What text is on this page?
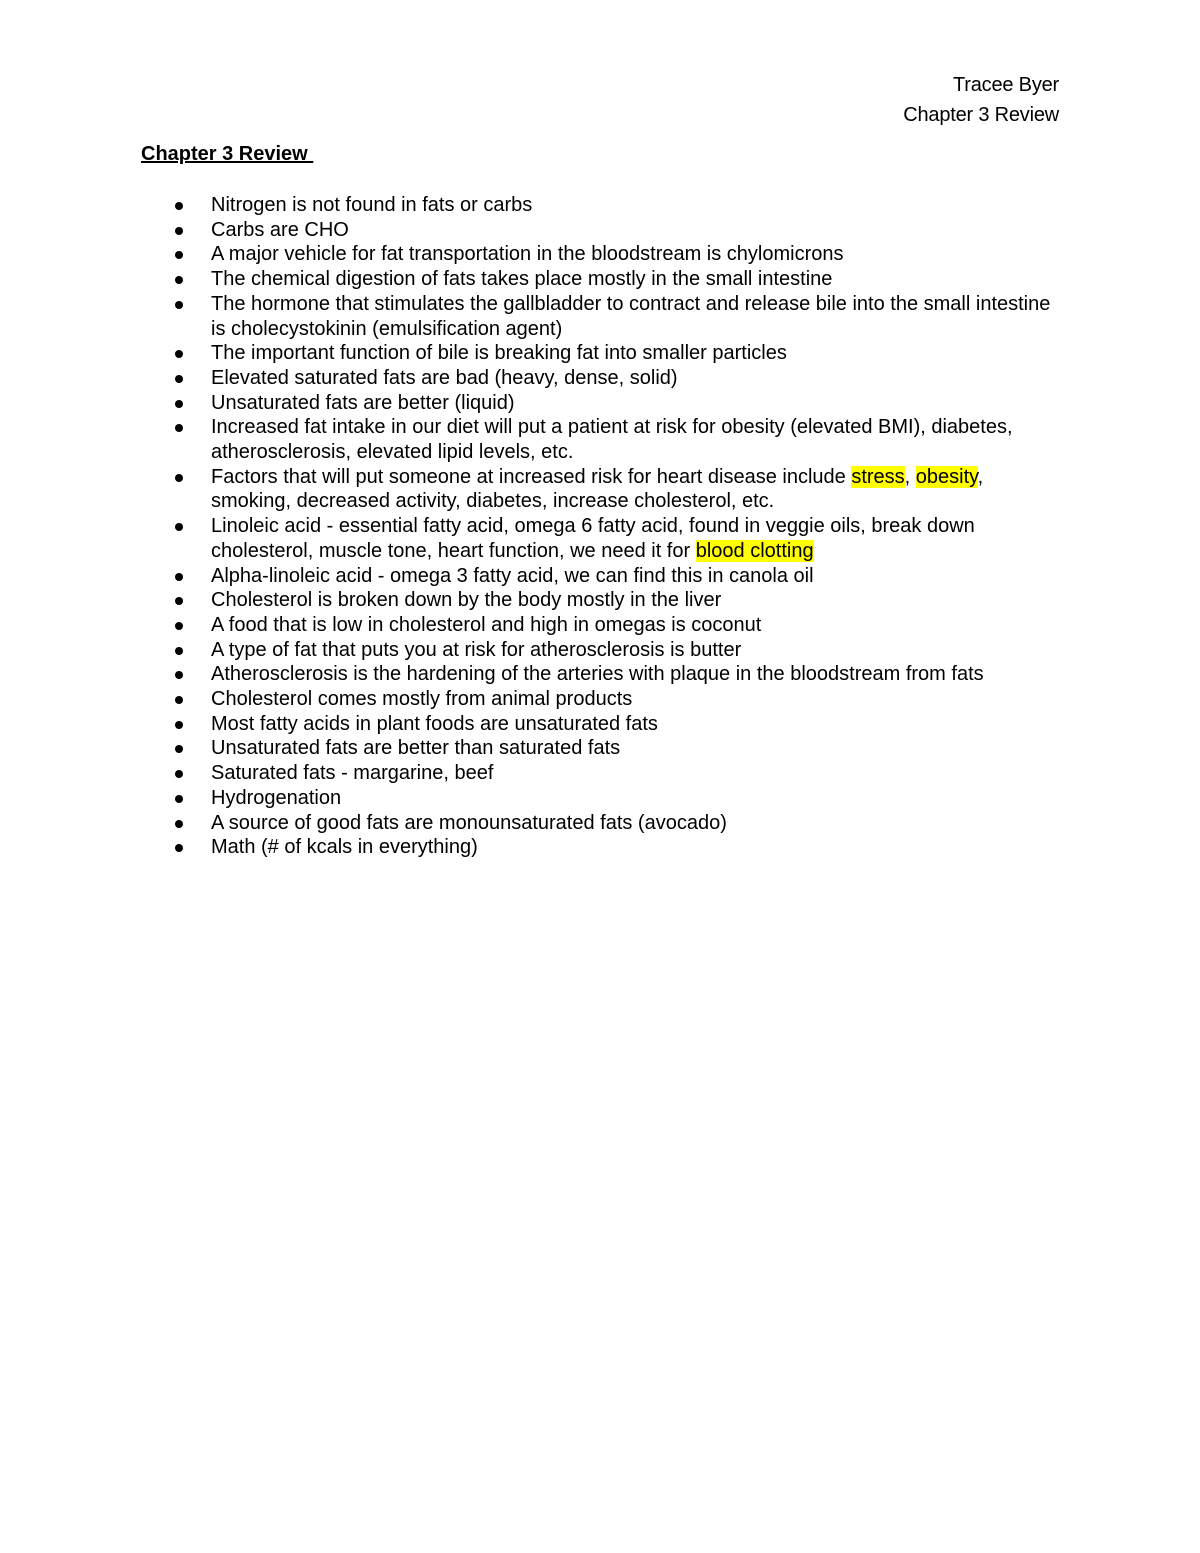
Tracee Byer
Chapter 3 Review
Chapter 3 Review
Nitrogen is not found in fats or carbs
Carbs are CHO
A major vehicle for fat transportation in the bloodstream is chylomicrons
The chemical digestion of fats takes place mostly in the small intestine
The hormone that stimulates the gallbladder to contract and release bile into the small intestine is cholecystokinin (emulsification agent)
The important function of bile is breaking fat into smaller particles
Elevated saturated fats are bad (heavy, dense, solid)
Unsaturated fats are better (liquid)
Increased fat intake in our diet will put a patient at risk for obesity (elevated BMI), diabetes, atherosclerosis, elevated lipid levels, etc.
Factors that will put someone at increased risk for heart disease include stress, obesity, smoking, decreased activity, diabetes, increase cholesterol, etc.
Linoleic acid - essential fatty acid, omega 6 fatty acid, found in veggie oils, break down cholesterol, muscle tone, heart function, we need it for blood clotting
Alpha-linoleic acid - omega 3 fatty acid, we can find this in canola oil
Cholesterol is broken down by the body mostly in the liver
A food that is low in cholesterol and high in omegas is coconut
A type of fat that puts you at risk for atherosclerosis is butter
Atherosclerosis is the hardening of the arteries with plaque in the bloodstream from fats
Cholesterol comes mostly from animal products
Most fatty acids in plant foods are unsaturated fats
Unsaturated fats are better than saturated fats
Saturated fats - margarine, beef
Hydrogenation
A source of good fats are monounsaturated fats (avocado)
Math (# of kcals in everything)
